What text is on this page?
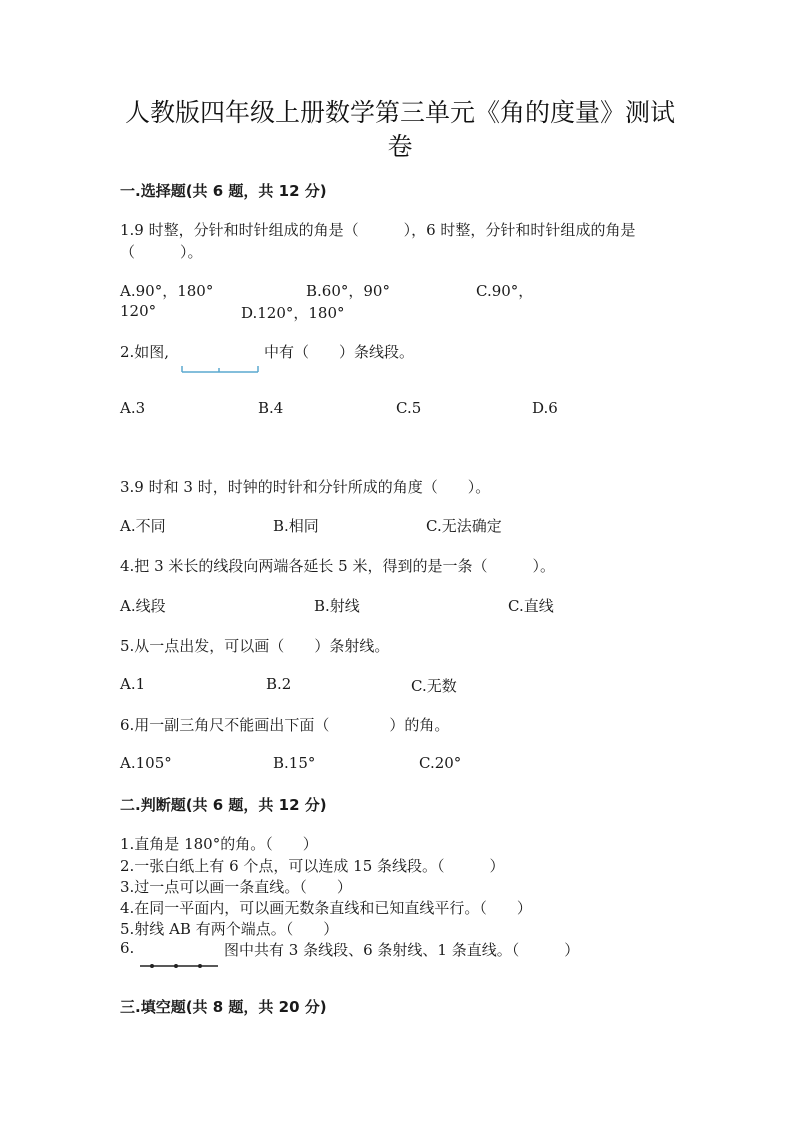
人教版四年级上册数学第三单元《角的度量》测试
卷
一.选择题(共 6 题，共 12 分)
1.9 时整，分针和时针组成的角是（　　　），6 时整，分针和时针组成的角是
（　　　）。
A.90°，180°	B.60°，90°	C.90°，
120°	D.120°，180°
2.如图,	中有（　　）条线段。
A.3	B.4	C.5	D.6
3.9 时和 3 时，时钟的时针和分针所成的角度（　　）。
A.不同	B.相同	C.无法确定
4.把 3 米长的线段向两端各延长 5 米，得到的是一条（　　　）。
A.线段	B.射线	C.直线
5.从一点出发，可以画（　　）条射线。
A.1	B.2	C.无数
6.用一副三角尺不能画出下面（　　　　）的角。
A.105°	B.15°	C.20°
二.判断题(共 6 题，共 12 分)
1.直角是 180°的角。（　　）
2.一张白纸上有 6 个点，可以连成 15 条线段。（　　　）
3.过一点可以画一条直线。（　　）
4.在同一平面内，可以画无数条直线和已知直线平行。（　　）
5.射线 AB 有两个端点。（　　）
6.	图中共有 3 条线段、6 条射线、1 条直线。（　　　）
三.填空题(共 8 题，共 20 分)
